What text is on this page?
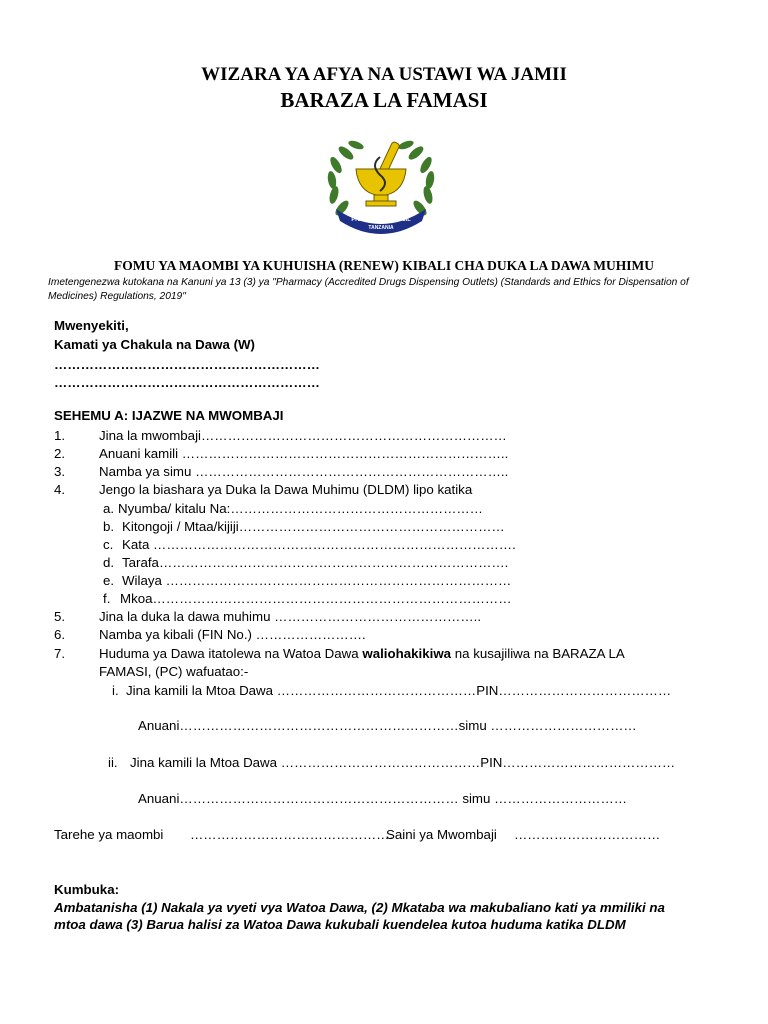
WIZARA YA AFYA NA USTAWI WA JAMII
BARAZA LA FAMASI
PHARMACY COUNCIL
TANZANIA
FOMU YA MAOMBI YA KUHUISHA (RENEW) KIBALI CHA DUKA LA DAWA MUHIMU
Imetengenezwa kutokana na Kanuni ya 13 (3) ya "Pharmacy (Accredited Drugs Dispensing Outlets) (Standards and Ethics for Dispensation of
Medicines) Regulations, 2019"
Mwenyekiti,
Kamati ya Chakula na Dawa (W)
……………………………………………………
……………………………………………………
SEHEMU A: IJAZWE NA MWOMBAJI
1.	Jina la mwombaji……………………………………………………………
2.	Anuani kamili ………………………………………………………………..
3.	Namba ya simu ……………………………………………………………..
4.	Jengo la biashara ya Duka la Dawa Muhimu (DLDM) lipo katika
a. Nyumba/ kitalu Na:…………………………………………………
b. Kitongoji / Mtaa/kijiji……………………………………………………
c. Kata ……………………………………………………………………….
d. Tarafa…………………………………………………………………….
e. Wilaya ……………………………………………………………………
f. Mkoa………………………………………………………………………
5.	Jina la duka la dawa muhimu ………………………………………..
6.	Namba ya kibali (FIN No.) …………………….
7.	Huduma ya Dawa itatolewa na Watoa Dawa waliohakikiwa na kusajiliwa na BARAZA LA
FAMASI, (PC) wafuatao:-
i. Jina kamili la Mtoa Dawa ………………………………………PIN…………………………………
Anuani………………………………………………………simu ……………………………
ii. Jina kamili la Mtoa Dawa ………………………………………PIN…………………………………
Anuani……………………………………………………… simu …………………………
Tarehe ya maombi ……………………………………….
Saini ya Mwombaji ……………………………
Kumbuka:
Ambatanisha (1) Nakala ya vyeti vya Watoa Dawa, (2) Mkataba wa makubaliano kati ya mmiliki na
mtoa dawa (3) Barua halisi za Watoa Dawa kukubali kuendelea kutoa huduma katika DLDM
